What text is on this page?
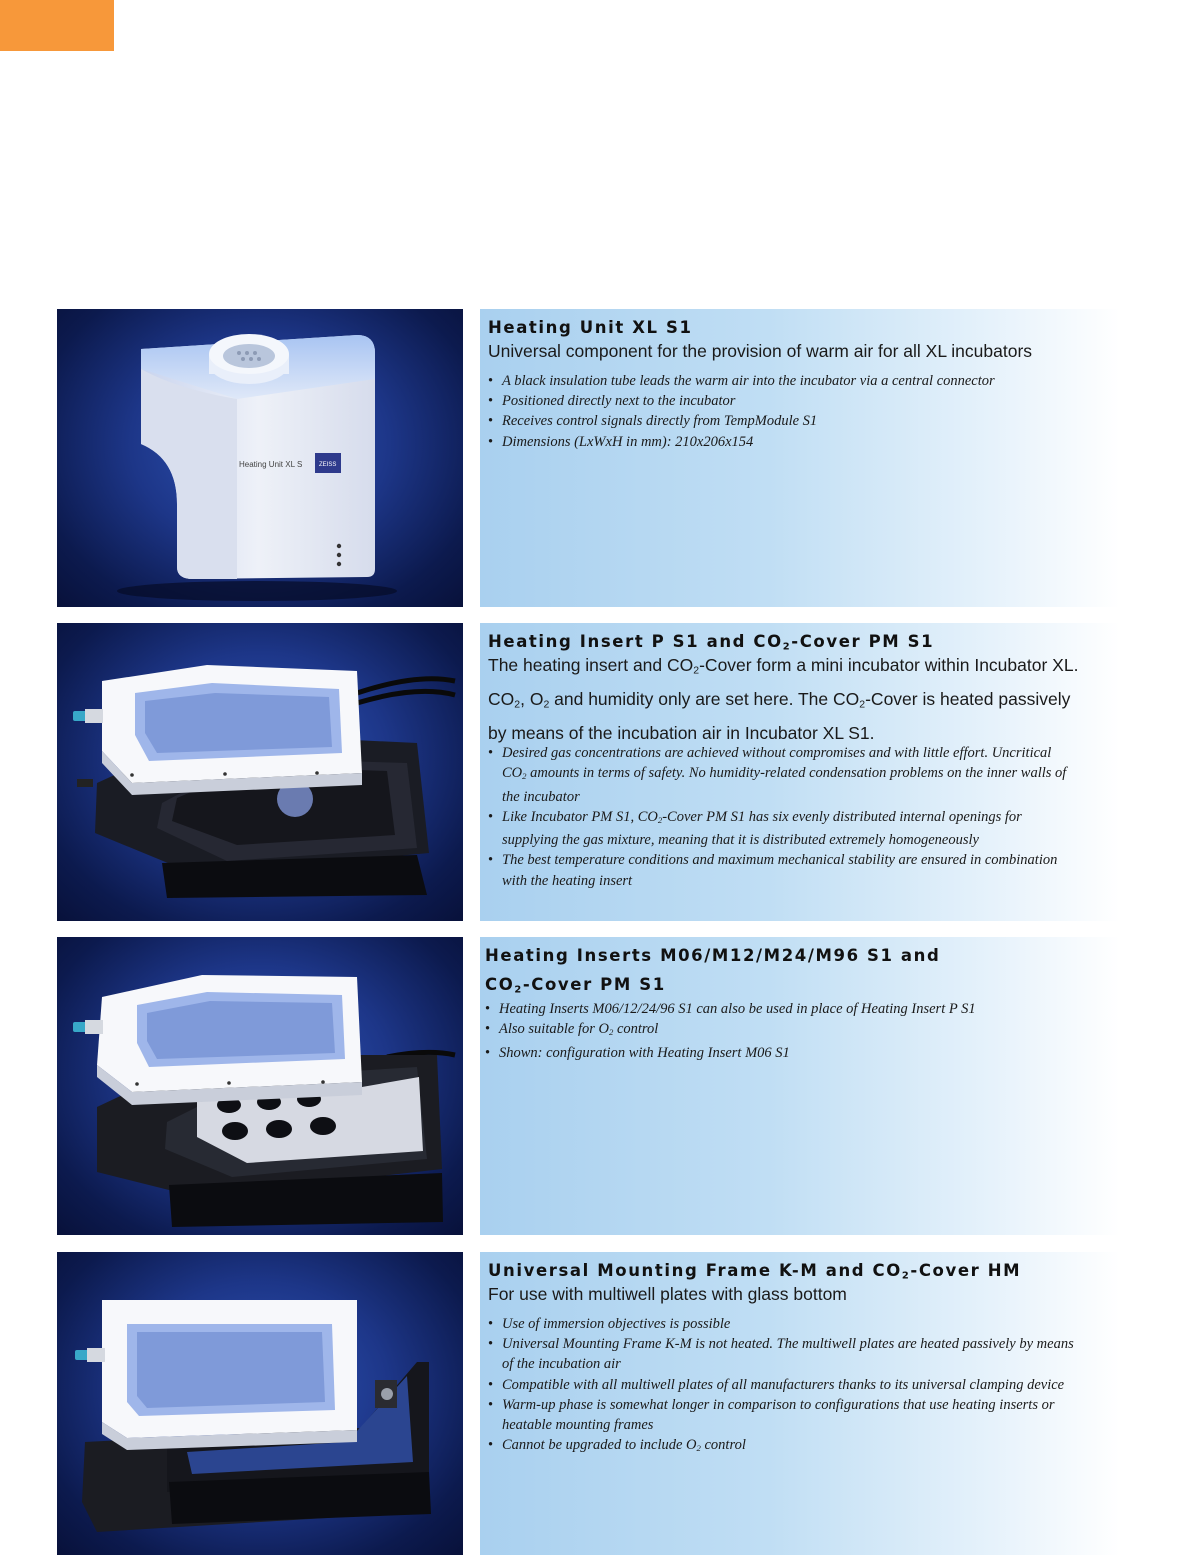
Heating Unit XL S	ZEISS
Heating Unit XL S1

Universal component for the provision of warm air for all XL incubators

• A black insulation tube leads the warm air into the incubator via a central connector
• Positioned directly next to the incubator
• Receives control signals directly from TempModule S1
• Dimensions (LxWxH in mm): 210x206x154
Heating Insert P S1 and CO2-Cover PM S1

The heating insert and CO2-Cover form a mini incubator within Incubator XL. CO2, O2 and humidity only are set here. The CO2-Cover is heated passively by means of the incubation air in Incubator XL S1.

• Desired gas concentrations are achieved without compromises and with little effort. Uncritical CO2 amounts in terms of safety. No humidity-related condensation problems on the inner walls of the incubator
• Like Incubator PM S1, CO2-Cover PM S1 has six evenly distributed internal openings for supplying the gas mixture, meaning that it is distributed extremely homogeneously
• The best temperature conditions and maximum mechanical stability are ensured in combination with the heating insert
Heating Inserts M06/M12/M24/M96 S1 and
CO2-Cover PM S1
• Heating Inserts M06/12/24/96 S1 can also be used in place of Heating Insert P S1
• Also suitable for O2 control
• Shown: configuration with Heating Insert M06 S1
Universal Mounting Frame K-M and CO2-Cover HM

For use with multiwell plates with glass bottom

• Use of immersion objectives is possible
• Universal Mounting Frame K-M is not heated. The multiwell plates are heated passively by means of the incubation air
• Compatible with all multiwell plates of all manufacturers thanks to its universal clamping device
• Warm-up phase is somewhat longer in comparison to configurations that use heating inserts or heatable mounting frames
• Cannot be upgraded to include O2 control
